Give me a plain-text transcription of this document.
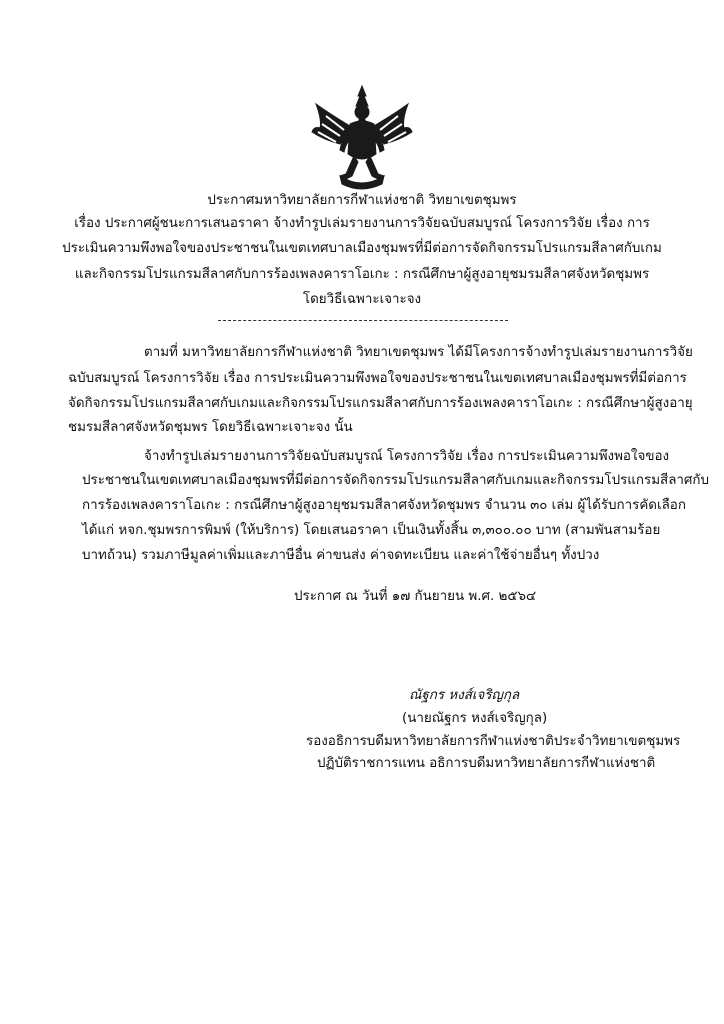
ประกาศมหาวิทยาลัยการกีฬาแห่งชาติ วิทยาเขตชุมพร
เรื่อง ประกาศผู้ชนะการเสนอราคา จ้างทำรูปเล่มรายงานการวิจัยฉบับสมบูรณ์ โครงการวิจัย เรื่อง การ
ประเมินความพึงพอใจของประชาชนในเขตเทศบาลเมืองชุมพรที่มีต่อการจัดกิจกรรมโปรแกรมสีลาศกับเกม
และกิจกรรมโปรแกรมสีลาศกับการร้องเพลงคาราโอเกะ : กรณีศึกษาผู้สูงอายุชมรมสีลาศจังหวัดชุมพร
โดยวิธีเฉพาะเจาะจง
ตามที่ มหาวิทยาลัยการกีฬาแห่งชาติ วิทยาเขตชุมพร ได้มีโครงการจ้างทำรูปเล่มรายงานการวิจัย
ฉบับสมบูรณ์ โครงการวิจัย เรื่อง การประเมินความพึงพอใจของประชาชนในเขตเทศบาลเมืองชุมพรที่มีต่อการ
จัดกิจกรรมโปรแกรมสีลาศกับเกมและกิจกรรมโปรแกรมสีลาศกับการร้องเพลงคาราโอเกะ : กรณีศึกษาผู้สูงอายุ
ชมรมสีลาศจังหวัดชุมพร โดยวิธีเฉพาะเจาะจง นั้น
จ้างทำรูปเล่มรายงานการวิจัยฉบับสมบูรณ์ โครงการวิจัย เรื่อง การประเมินความพึงพอใจของ
ประชาชนในเขตเทศบาลเมืองชุมพรที่มีต่อการจัดกิจกรรมโปรแกรมสีลาศกับเกมและกิจกรรมโปรแกรมสีลาศกับ
การร้องเพลงคาราโอเกะ : กรณีศึกษาผู้สูงอายุชมรมสีลาศจังหวัดชุมพร จำนวน ๓๐ เล่ม ผู้ได้รับการคัดเลือก
ได้แก่ หจก.ชุมพรการพิมพ์ (ให้บริการ) โดยเสนอราคา เป็นเงินทั้งสิ้น ๓,๓๐๐.๐๐ บาท (สามพันสามร้อย
บาทถ้วน) รวมภาษีมูลค่าเพิ่มและภาษีอื่น ค่าขนส่ง ค่าจดทะเบียน และค่าใช้จ่ายอื่นๆ ทั้งปวง
ประกาศ ณ วันที่ ๑๗ กันยายน พ.ศ. ๒๕๖๔
ณัฐกร หงส์เจริญกุล
(นายณัฐกร หงส์เจริญกุล)
รองอธิการบดีมหาวิทยาลัยการกีฬาแห่งชาติประจำวิทยาเขตชุมพร
ปฏิบัติราชการแทน อธิการบดีมหาวิทยาลัยการกีฬาแห่งชาติ
